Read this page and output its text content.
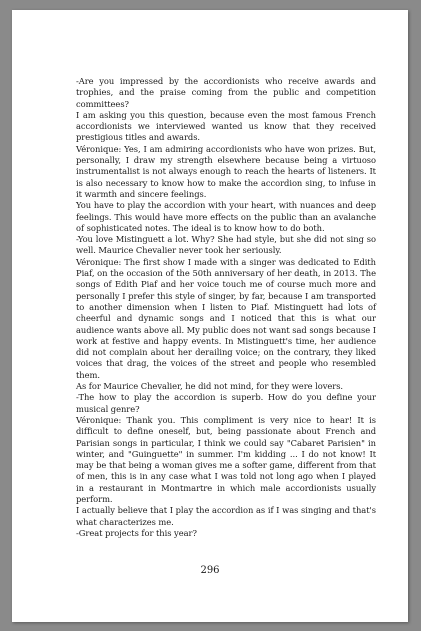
-Are you impressed by the accordionists who receive awards and trophies, and the praise coming from the public and competition committees?

I am asking you this question, because even the most famous French accordionists we interviewed wanted us know that they received prestigious titles and awards.

Véronique: Yes, I am admiring accordionists who have won prizes. But, personally, I draw my strength elsewhere because being a virtuoso instrumentalist is not always enough to reach the hearts of listeners. It is also necessary to know how to make the accordion sing, to infuse in it warmth and sincere feelings.

You have to play the accordion with your heart, with nuances and deep feelings. This would have more effects on the public than an avalanche of sophisticated notes. The ideal is to know how to do both.

-You love Mistinguett a lot. Why? She had style, but she did not sing so well. Maurice Chevalier never took her seriously.

Véronique: The first show I made with a singer was dedicated to Edith Piaf, on the occasion of the 50th anniversary of her death, in 2013. The songs of Edith Piaf and her voice touch me of course much more and personally I prefer this style of singer, by far, because I am transported to another dimension when I listen to Piaf. Mistinguett had lots of cheerful and dynamic songs and I noticed that this is what our audience wants above all. My public does not want sad songs because I work at festive and happy events. In Mistinguett's time, her audience did not complain about her derailing voice; on the contrary, they liked voices that drag, the voices of the street and people who resembled them.

As for Maurice Chevalier, he did not mind, for they were lovers.

-The how to play the accordion is superb. How do you define your musical genre?

Véronique: Thank you. This compliment is very nice to hear! It is difficult to define oneself, but, being passionate about French and Parisian songs in particular, I think we could say "Cabaret Parisien" in winter, and "Guinguette" in summer. I'm kidding ... I do not know! It may be that being a woman gives me a softer game, different from that of men, this is in any case what I was told not long ago when I played in a restaurant in Montmartre in which male accordionists usually perform.

I actually believe that I play the accordion as if I was singing and that's what characterizes me.

-Great projects for this year?

296
